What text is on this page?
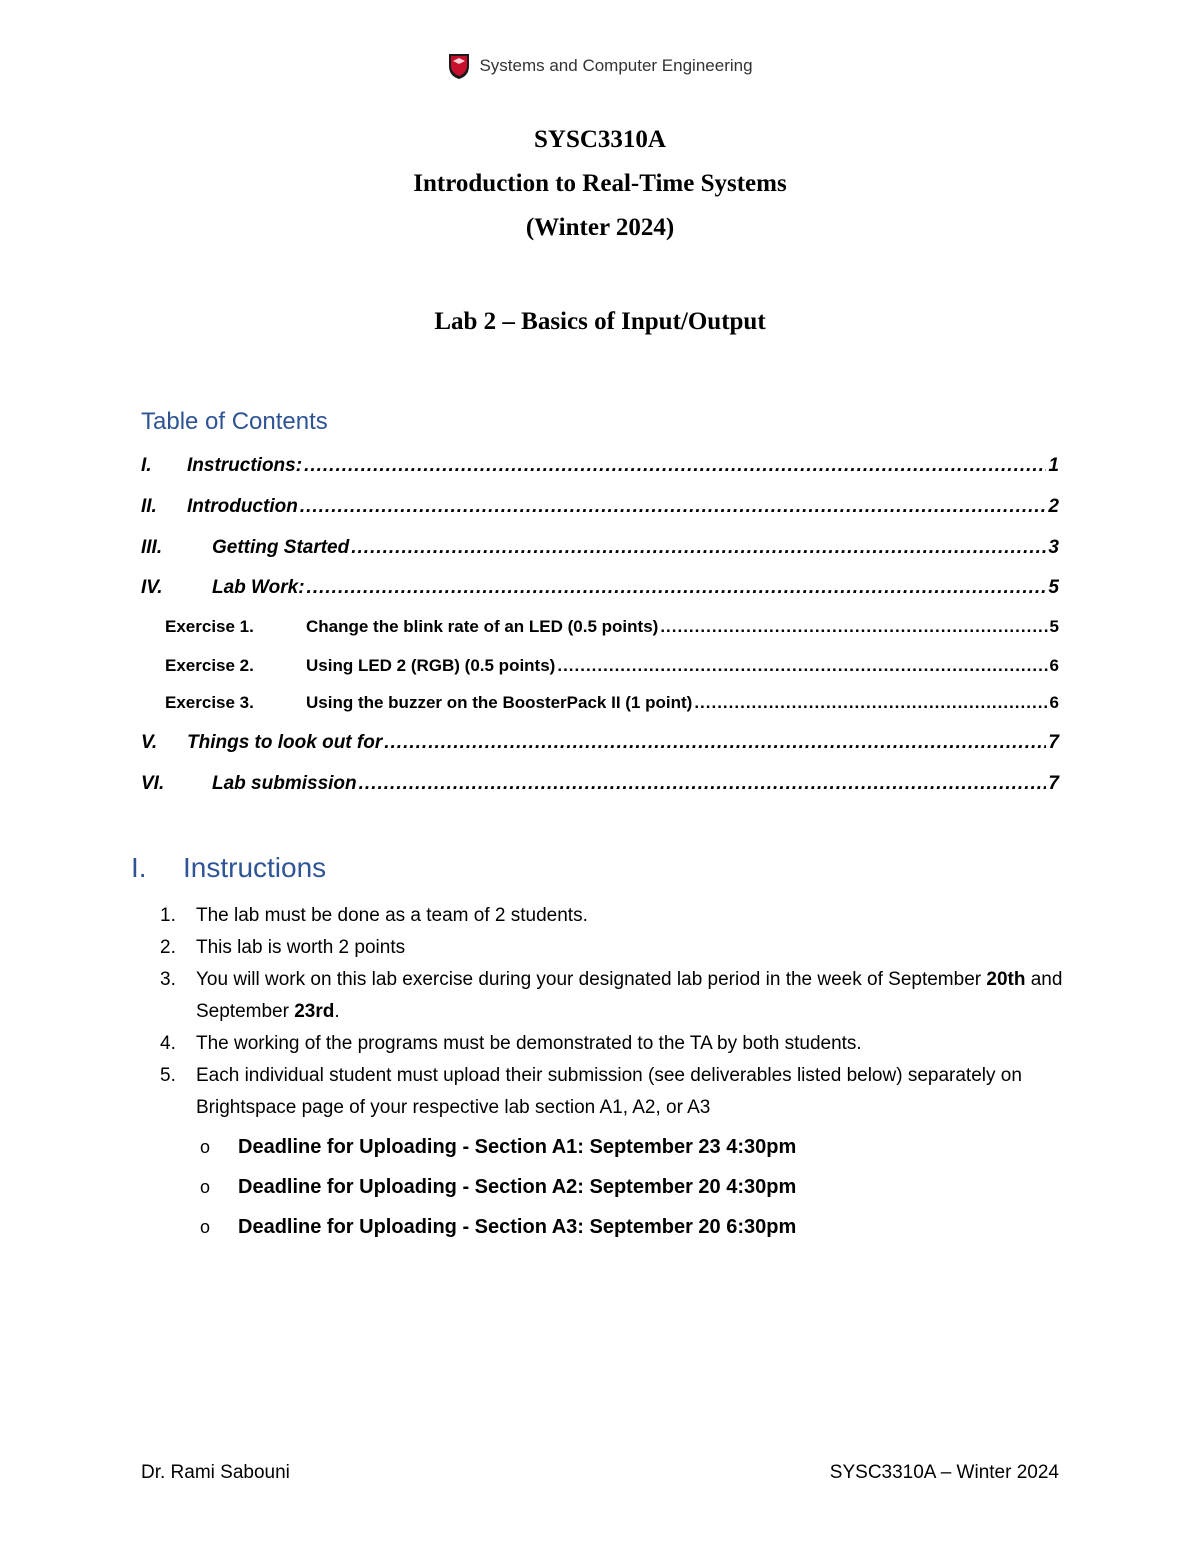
Systems and Computer Engineering
SYSC3310A
Introduction to Real-Time Systems
(Winter 2024)
Lab 2 – Basics of Input/Output
Table of Contents
I.	Instructions: .....	1
II.	Introduction .....	2
III.	Getting Started .....	3
IV.	Lab Work: .....	5
Exercise 1.	Change the blink rate of an LED (0.5 points) .....	5
Exercise 2.	Using LED 2 (RGB) (0.5 points) .....	6
Exercise 3.	Using the buzzer on the BoosterPack II (1 point) .....	6
V.	Things to look out for .....	7
VI.	Lab submission .....	7
I.	Instructions
1.	The lab must be done as a team of 2 students.
2.	This lab is worth 2 points
3.	You will work on this lab exercise during your designated lab period in the week of September 20th and September 23rd.
4.	The working of the programs must be demonstrated to the TA by both students.
5.	Each individual student must upload their submission (see deliverables listed below) separately on Brightspace page of your respective lab section A1, A2, or A3
o	Deadline for Uploading - Section A1: September 23 4:30pm
o	Deadline for Uploading - Section A2: September 20 4:30pm
o	Deadline for Uploading - Section A3: September 20 6:30pm
Dr. Rami Sabouni	SYSC3310A – Winter 2024
